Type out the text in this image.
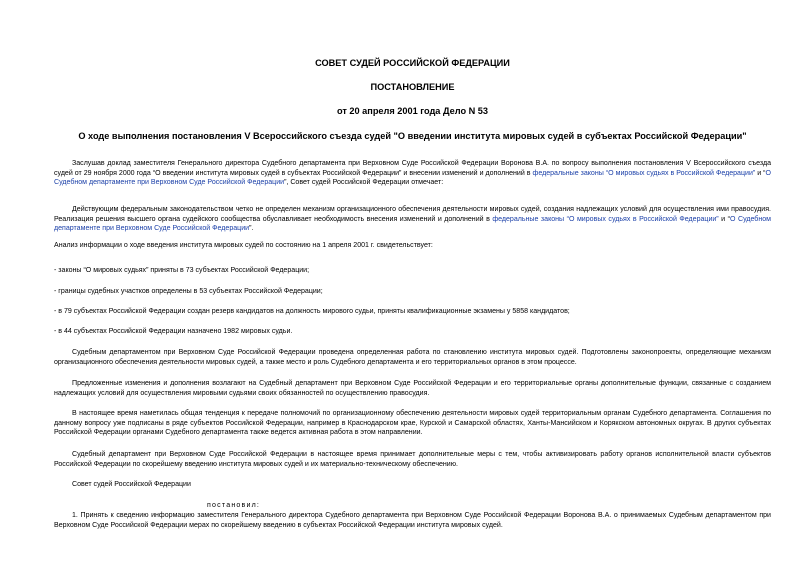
СОВЕТ СУДЕЙ РОССИЙСКОЙ ФЕДЕРАЦИИ

ПОСТАНОВЛЕНИЕ

от 20 апреля 2001 года Дело N 53

О ходе выполнения постановления V Всероссийского съезда судей "О введении института мировых судей в субъектах Российской Федерации"

Заслушав доклад заместителя Генерального директора Судебного департамента при Верховном Суде Российской Федерации Воронова В.А. по вопросу выполнения постановления V Всероссийского съезда судей от 29 ноября 2000 года “О введении института мировых судей в субъектах Российской Федерации” и внесении изменений и дополнений в федеральные законы “О мировых судьях в Российской Федерации” и “О Судебном департаменте при Верховном Суде Российской Федерации”, Совет судей Российской Федерации отмечает:

Действующим федеральным законодательством четко не определен механизм организационного обеспечения деятельности мировых судей, создания надлежащих условий для осуществления ими правосудия. Реализация решения высшего органа судейского сообщества обуславливает необходимость внесения изменений и дополнений в федеральные законы “О мировых судьях в Российской Федерации” и “О Судебном департаменте при Верховном Суде Российской Федерации”.

Анализ информации о ходе введения института мировых судей по состоянию на 1 апреля 2001 г. свидетельствует:

- законы “О мировых судьях” приняты в 73 субъектах Российской Федерации;

- границы судебных участков определены в 53 субъектах Российской Федерации;

- в 79 субъектах Российской Федерации создан резерв кандидатов на должность мирового судьи, приняты квалификационные экзамены у 5858 кандидатов;

- в 44 субъектах Российской Федерации назначено 1982 мировых судьи.

Судебным департаментом при Верховном Суде Российской Федерации проведена определенная работа по становлению института мировых судей. Подготовлены законопроекты, определяющие механизм организационного обеспечения деятельности мировых судей, а также место и роль Судебного департамента и его территориальных органов в этом процессе.

Предложенные изменения и дополнения возлагают на Судебный департамент при Верховном Суде Российской Федерации и его территориальные органы дополнительные функции, связанные с созданием надлежащих условий для осуществления мировыми судьями своих обязанностей по осуществлению правосудия.

В настоящее время наметилась общая тенденция к передаче полномочий по организационному обеспечению деятельности мировых судей территориальным органам Судебного департамента. Соглашения по данному вопросу уже подписаны в ряде субъектов Российской Федерации, например в Краснодарском крае, Курской и Самарской областях, Ханты-Мансийском и Корякском автономных округах. В других субъектах Российской Федерации органами Судебного департамента также ведется активная работа в этом направлении.

Судебный департамент при Верховном Суде Российской Федерации в настоящее время принимает дополнительные меры с тем, чтобы активизировать работу органов исполнительной власти субъектов Российской Федерации по скорейшему введению института мировых судей и их материально-техническому обеспечению.

Совет судей Российской Федерации

постановил:

1. Принять к сведению информацию заместителя Генерального директора Судебного департамента при Верховном Суде Российской Федерации Воронова В.А. о принимаемых Судебным департаментом при Верховном Суде Российской Федерации мерах по скорейшему введению в субъектах Российской Федерации института мировых судей.
